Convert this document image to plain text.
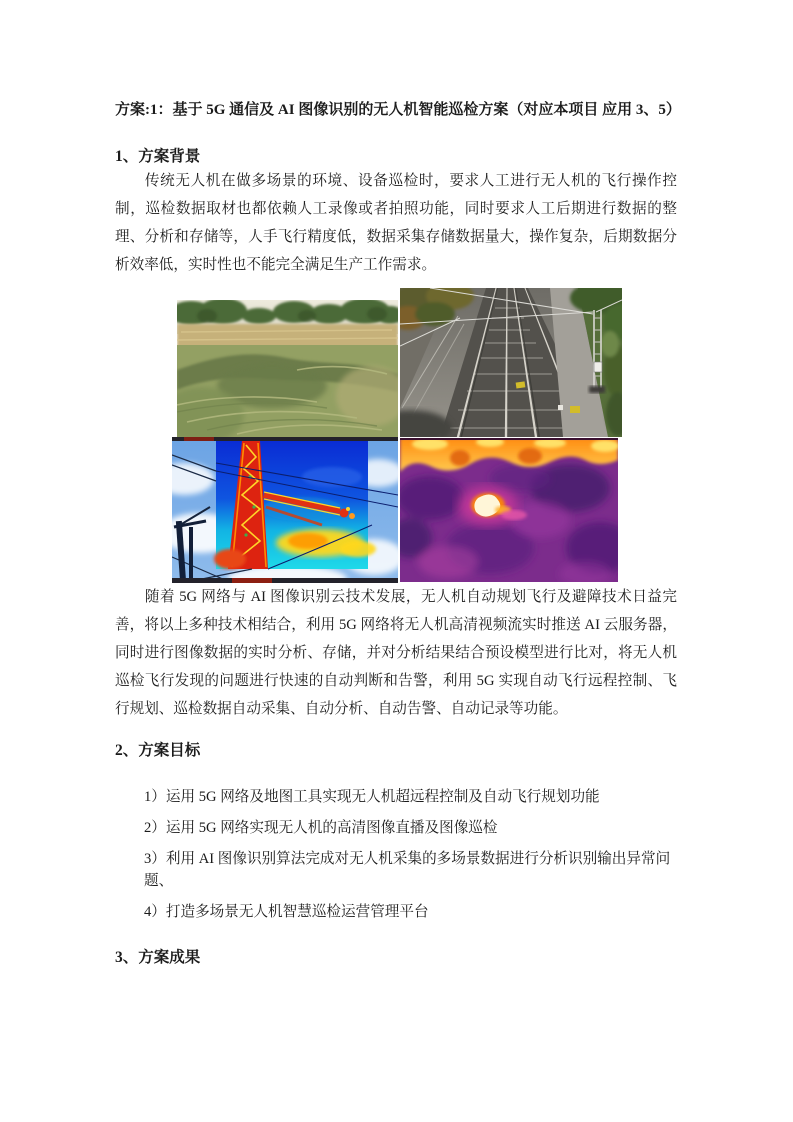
方案:1：基于 5G 通信及 AI 图像识别的无人机智能巡检方案（对应本项目 应用 3、5）
1、方案背景

传统无人机在做多场景的环境、设备巡检时，要求人工进行无人机的飞行操作控制，巡检数据取材也都依赖人工录像或者拍照功能，同时要求人工后期进行数据的整理、分析和存储等，人手飞行精度低，数据采集存储数据量大，操作复杂，后期数据分析效率低，实时性也不能完全满足生产工作需求。

随着 5G 网络与 AI 图像识别云技术发展，无人机自动规划飞行及避障技术日益完善，将以上多种技术相结合，利用 5G 网络将无人机高清视频流实时推送 AI 云服务器，同时进行图像数据的实时分析、存储，并对分析结果结合预设模型进行比对，将无人机巡检飞行发现的问题进行快速的自动判断和告警，利用 5G 实现自动飞行远程控制、飞行规划、巡检数据自动采集、自动分析、自动告警、自动记录等功能。

2、方案目标
1）运用 5G 网络及地图工具实现无人机超远程控制及自动飞行规划功能
2）运用 5G 网络实现无人机的高清图像直播及图像巡检
3）利用 AI 图像识别算法完成对无人机采集的多场景数据进行分析识别输出异常问题、
4）打造多场景无人机智慧巡检运营管理平台
3、方案成果
